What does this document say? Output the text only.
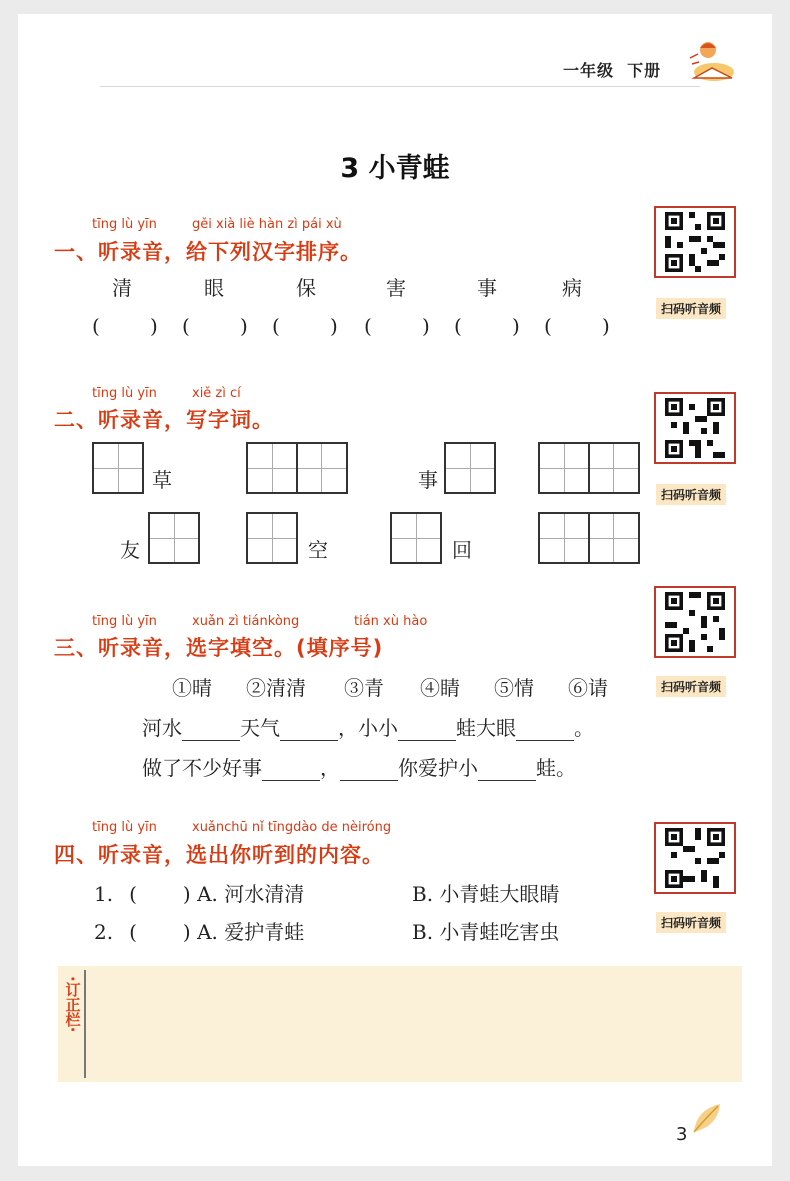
一年级 下册
3 小青蛙
tīng lù yīn	gěi xià liè hàn zì pái xù
一、听录音，给下列汉字排序。
清	眼	保	害	事	病
(	) (	) (	) (	) (	) (	)
扫码听音频
tīng lù yīn	xiě zì cí
二、听录音，写字词。
草	事
友	空	回
扫码听音频
tīng lù yīn	xuǎn zì tiánkòng	tián xù hào
三、听录音，选字填空。(填序号)
①晴 ②清清 ③青 ④睛 ⑤情 ⑥请
河水	天气	，小小	蛙大眼	。
做了不少好事	，	你爱护小	蛙。
扫码听音频
tīng lù yīn	xuǎnchū nǐ tīngdào de nèiróng
四、听录音，选出你听到的内容。
1. ( ) A. 河水清清	B. 小青蛙大眼睛
2. ( ) A. 爱护青蛙	B. 小青蛙吃害虫	扫码听音频
·订正栏·
3
